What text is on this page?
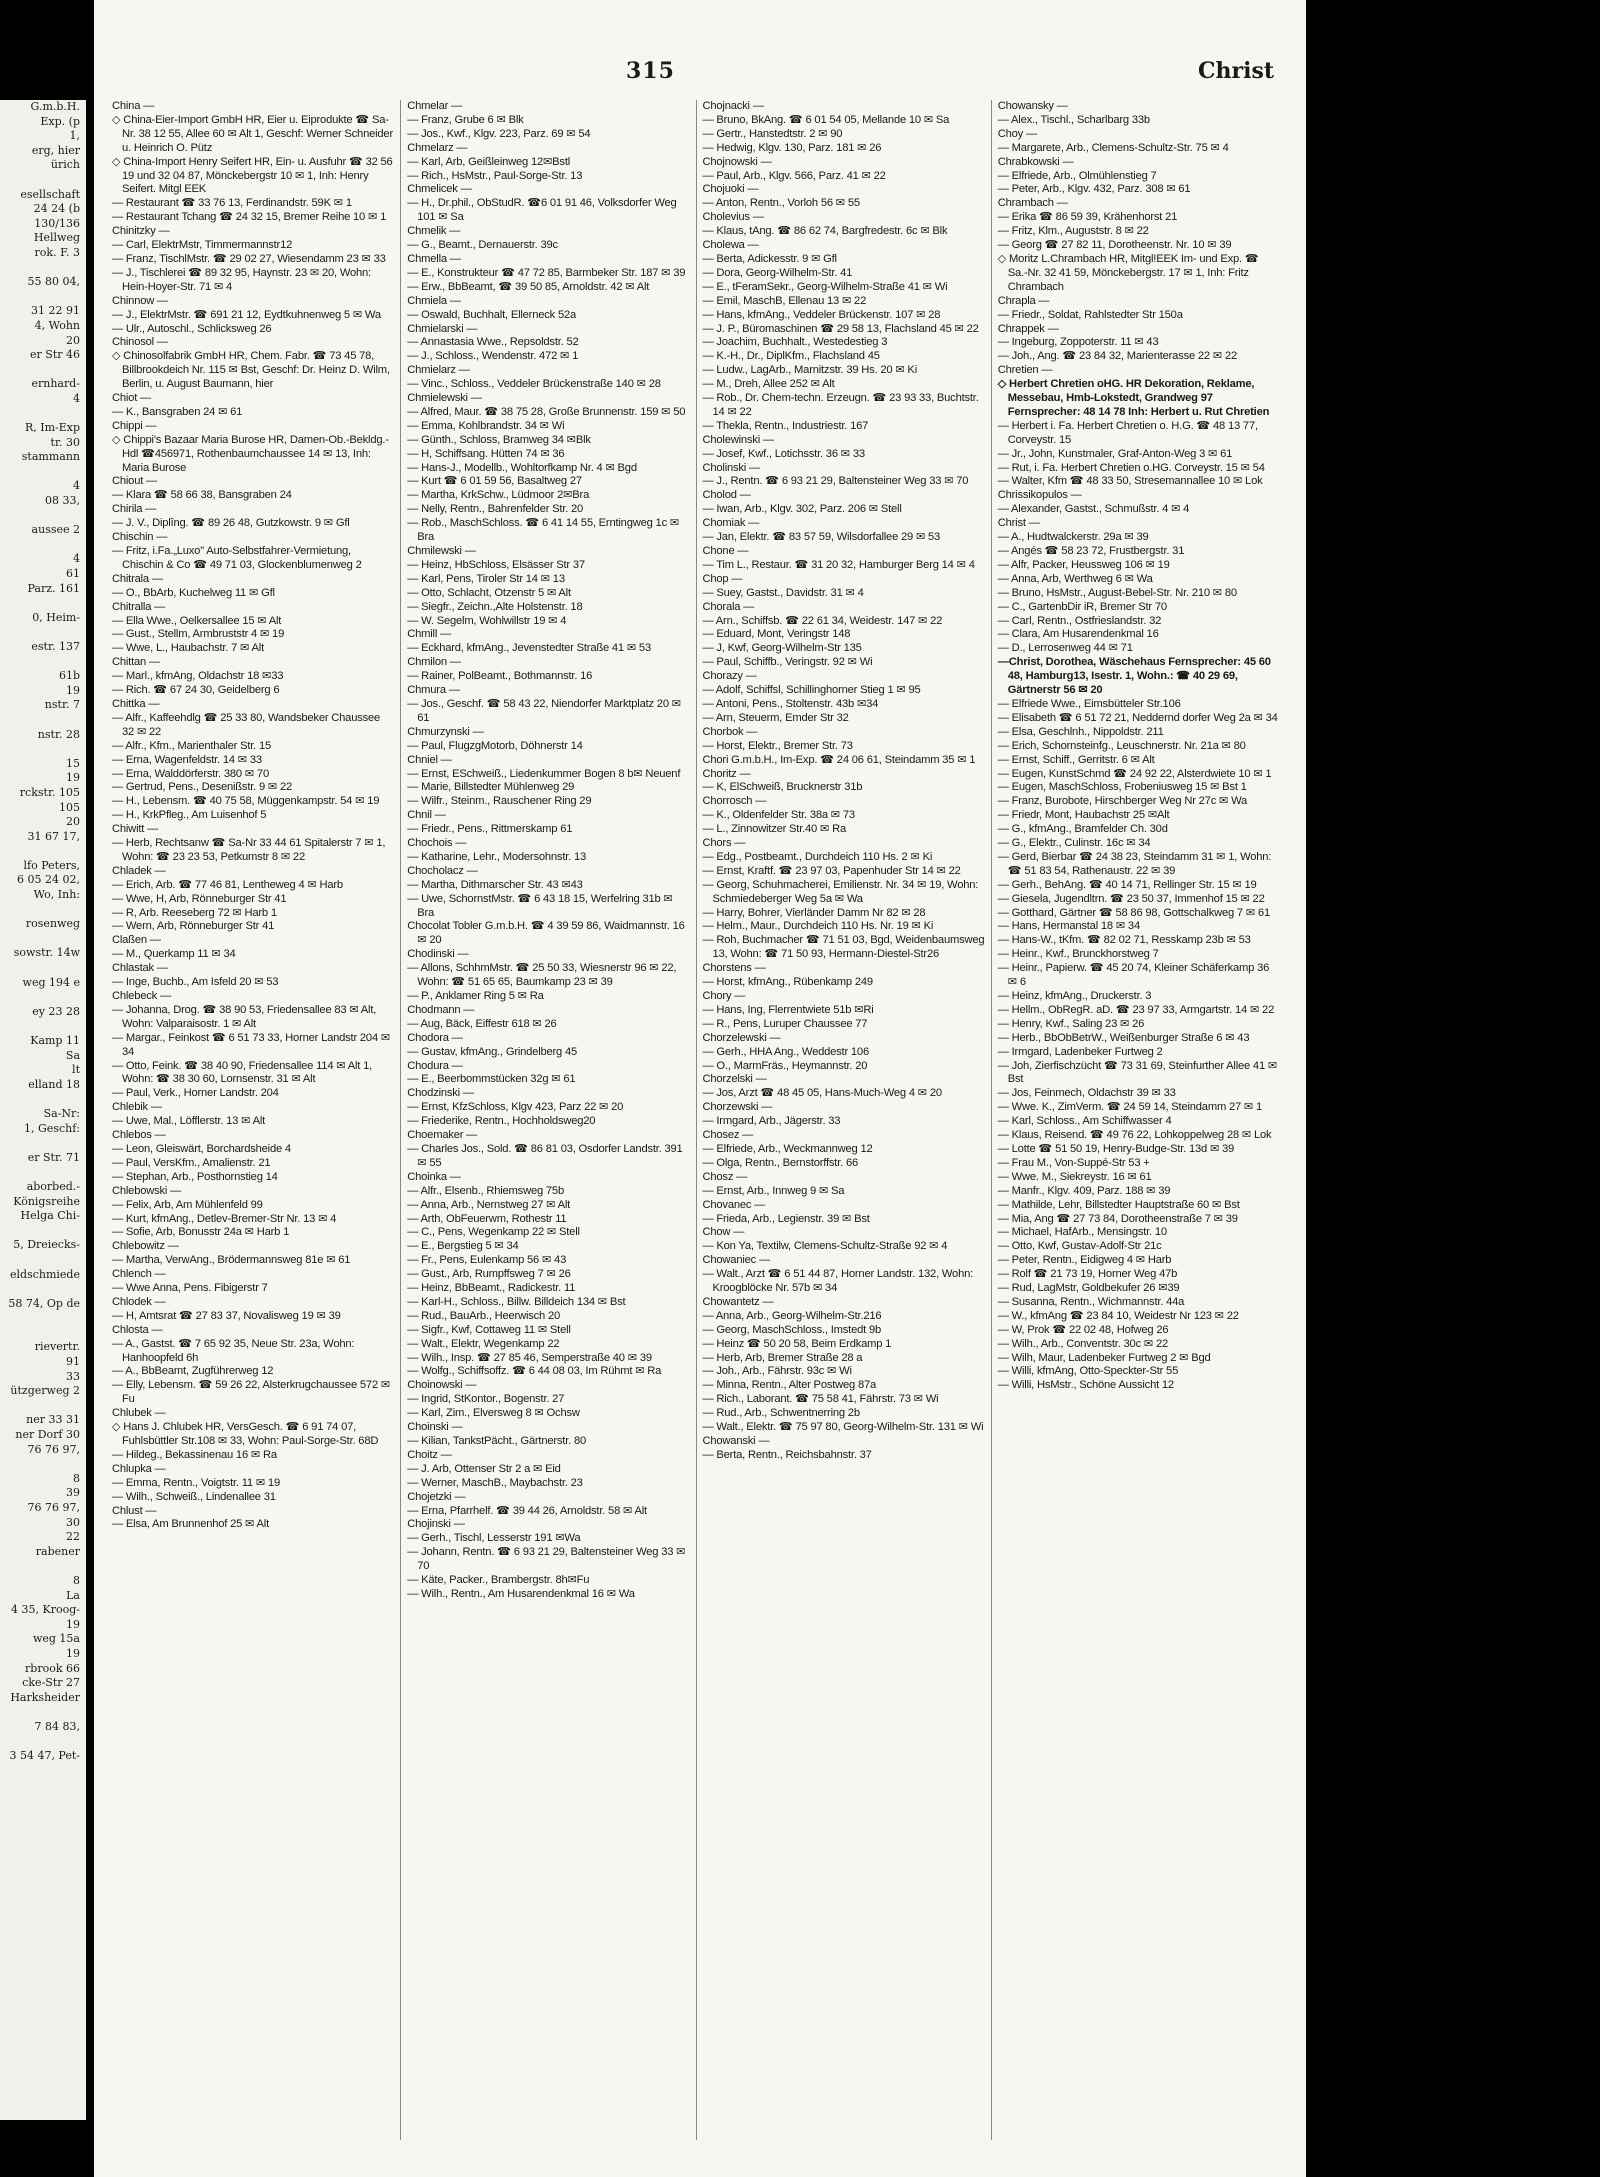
G.m.b.H.
Exp. (p
1,
erg, hier
ürich

esellschaft
24 24 (b
130/136
Hellweg
rok. F. 3

55 80 04,

31 22 91
4, Wohn
20
er Str 46

ernhard-
4

R, Im-Exp
tr. 30
stammann

4
08 33,

aussee 2

4
61
Parz. 161

0, Heim-

estr. 137

61b
19
nstr. 7

nstr. 28

15
19
rckstr. 105
105
20
31 67 17,

lfo Peters,
6 05 24 02,
Wo, Inh:

rosenweg

sowstr. 14w

weg 194 e

ey 23 28

Kamp 11
Sa
lt
elland 18

Sa-Nr:
1, Geschf:

er Str. 71

aborbed.-
Königsreihe
Helga Chi-

5, Dreiecks-

eldschmiede

58 74, Op de

rievertr.
91
33
ützgerweg 2

ner 33 31
ner Dorf 30
76 76 97,

8
39
76 76 97,
30
22
rabener

8
La
4 35, Kroog-
19
weg 15a
19
rbrook 66
cke-Str 27
Harksheider

7 84 83,

3 54 47, Pet-
315	Christ
China —
◇ China-Eier-Import GmbH HR, Eier u. Eiprodukte ☎ Sa-Nr. 38 12 55, Allee 60 ✉ Alt 1, Geschf: Werner Schneider u. Heinrich O. Pütz
◇ China-Import Henry Seifert HR, Ein- u. Ausfuhr ☎ 32 56 19 und 32 04 87, Mönckebergstr 10 ✉ 1, Inh: Henry Seifert. Mitgl EEK
— Restaurant ☎ 33 76 13, Ferdinandstr. 59K ✉ 1
— Restaurant Tchang ☎ 24 32 15, Bremer Reihe 10 ✉ 1
Chinitzky —
— Carl, ElektrMstr, Timmermannstr12
— Franz, TischlMstr. ☎ 29 02 27, Wiesendamm 23 ✉ 33
— J., Tischlerei ☎ 89 32 95, Haynstr. 23 ✉ 20, Wohn: Hein-Hoyer-Str. 71 ✉ 4
Chinnow —
— J., ElektrMstr. ☎ 691 21 12, Eydtkuhnenweg 5 ✉ Wa
— Ulr., Autoschl., Schlicksweg 26
Chinosol —
◇ Chinosolfabrik GmbH HR, Chem. Fabr. ☎ 73 45 78, Billbrookdeich Nr. 115 ✉ Bst, Geschf: Dr. Heinz D. Wilm, Berlin, u. August Baumann, hier
Chiot —
— K., Bansgraben 24 ✉ 61
Chippi —
◇ Chippi's Bazaar Maria Burose HR, Damen-Ob.-Bekldg.-Hdl ☎456971, Rothenbaumchaussee 14 ✉ 13, Inh: Maria Burose
Chiout —
— Klara ☎ 58 66 38, Bansgraben 24
Chirila —
— J. V., Diplîng. ☎ 89 26 48, Gutzkowstr. 9 ✉ Gfl
Chischin —
— Fritz, i.Fa.„Luxo" Auto-Selbstfahrer-Vermietung, Chischin & Co ☎ 49 71 03, Glockenblumenweg 2
Chitrala —
— O., BbArb, Kuchelweg 11 ✉ Gfl
Chitralla —
— Ella Wwe., Oelkersallee 15 ✉ Alt
— Gust., Stellm, Armbruststr 4 ✉ 19
— Wwe, L., Haubachstr. 7 ✉ Alt
Chittan —
— Marl., kfmAng, Oldachstr 18 ✉33
— Rich. ☎ 67 24 30, Geidelberg 6
Chittka —
— Alfr., Kaffeehdlg ☎ 25 33 80, Wandsbeker Chaussee 32 ✉ 22
— Alfr., Kfm., Marienthaler Str. 15
— Erna, Wagenfeldstr. 14 ✉ 33
— Erna, Walddörferstr. 380 ✉ 70
— Gertrud, Pens., Desenißstr. 9 ✉ 22
— H., Lebensm. ☎ 40 75 58, Müggenkampstr. 54 ✉ 19
— H., KrkPfleg., Am Luisenhof 5
Chiwitt —
— Herb, Rechtsanw ☎ Sa-Nr 33 44 61 Spitalerstr 7 ✉ 1, Wohn: ☎ 23 23 53, Petkumstr 8 ✉ 22
Chladek —
— Erich, Arb. ☎ 77 46 81, Lentheweg 4 ✉ Harb
— Wwe, H, Arb, Rönneburger Str 41
— R, Arb. Reeseberg 72 ✉ Harb 1
— Wern, Arb, Rönneburger Str 41
Claßen —
— M., Querkamp 11 ✉ 34
Chlastak —
— Inge, Buchb., Am Isfeld 20 ✉ 53
Chlebeck —
— Johanna, Drog. ☎ 38 90 53, Friedensallee 83 ✉ Alt, Wohn: Valparaisostr. 1 ✉ Alt
— Margar., Feinkost ☎ 6 51 73 33, Horner Landstr 204 ✉ 34
— Otto, Feink. ☎ 38 40 90, Friedensallee 114 ✉ Alt 1, Wohn: ☎ 38 30 60, Lornsenstr. 31 ✉ Alt
— Paul, Verk., Horner Landstr. 204
Chlebik —
— Uwe, Mal., Löfflerstr. 13 ✉ Alt
Chlebos —
— Leon, Gleiswärt, Borchardsheide 4
— Paul, VersKfm., Amalienstr. 21
— Stephan, Arb., Posthornstieg 14
Chlebowski —
— Felix, Arb, Am Mühlenfeld 99
— Kurt, kfmAng., Detlev-Bremer-Str Nr. 13 ✉ 4
— Sofie, Arb, Bonusstr 24a ✉ Harb 1
Chlebowitz —
— Martha, VerwAng., Brödermannsweg 81e ✉ 61
Chlench —
— Wwe Anna, Pens. Fibigerstr 7
Chlodek —
— H, Amtsrat ☎ 27 83 37, Novalisweg 19 ✉ 39
Chlosta —
— A., Gastst. ☎ 7 65 92 35, Neue Str. 23a, Wohn: Hanhoopfeld 6h
— A., BbBeamt, Zugführerweg 12
— Elly, Lebensm. ☎ 59 26 22, Alsterkrugchaussee 572 ✉ Fu
Chlubek —
◇ Hans J. Chlubek HR, VersGesch. ☎ 6 91 74 07, Fuhlsbüttler Str.108 ✉ 33, Wohn: Paul-Sorge-Str. 68D
— Hildeg., Bekassinenau 16 ✉ Ra
Chlupka —
— Emma, Rentn., Voigtstr. 11 ✉ 19
— Wilh., Schweiß., Lindenallee 31
Chlust —
— Elsa, Am Brunnenhof 25 ✉ Alt
Chmelar —
— Franz, Grube 6 ✉ Blk
— Jos., Kwf., Klgv. 223, Parz. 69 ✉ 54
Chmelarz —
— Karl, Arb, Geißleinweg 12✉Bstl
— Rich., HsMstr., Paul-Sorge-Str. 13
Chmelicek —
— H., Dr.phil., ObStudR. ☎6 01 91 46, Volksdorfer Weg 101 ✉ Sa
Chmelik —
— G., Beamt., Dernauerstr. 39c
Chmella —
— E., Konstrukteur ☎ 47 72 85, Barmbeker Str. 187 ✉ 39
— Erw., BbBeamt, ☎ 39 50 85, Arnoldstr. 42 ✉ Alt
Chmiela —
— Oswald, Buchhalt, Ellerneck 52a
Chmielarski —
— Annastasia Wwe., Repsoldstr. 52
— J., Schloss., Wendenstr. 472 ✉ 1
Chmielarz —
— Vinc., Schloss., Veddeler Brückenstraße 140 ✉ 28
Chmielewski —
— Alfred, Maur. ☎ 38 75 28, Große Brunnenstr. 159 ✉ 50
— Emma, Kohlbrandstr. 34 ✉ Wi
— Günth., Schloss, Bramweg 34 ✉Blk
— H, Schiffsang. Hütten 74 ✉ 36
— Hans-J., Modellb., Wohltorfkamp Nr. 4 ✉ Bgd
— Kurt ☎ 6 01 59 56, Basaltweg 27
— Martha, KrkSchw., Lüdmoor 2✉Bra
— Nelly, Rentn., Bahrenfelder Str. 20
— Rob., MaschSchloss. ☎ 6 41 14 55, Erntingweg 1c ✉ Bra
Chmilewski —
— Heinz, HbSchloss, Elsässer Str 37
— Karl, Pens, Tiroler Str 14 ✉ 13
— Otto, Schlacht, Otzenstr 5 ✉ Alt
— Siegfr., Zeichn.,Alte Holstenstr. 18
— W. Segelm, Wohlwillstr 19 ✉ 4
Chmill —
— Eckhard, kfmAng., Jevenstedter Straße 41 ✉ 53
Chmilon —
— Rainer, PolBeamt., Bothmannstr. 16
Chmura —
— Jos., Geschf. ☎ 58 43 22, Niendorfer Marktplatz 20 ✉ 61
Chmurzynski —
— Paul, FlugzgMotorb, Döhnerstr 14
Chniel —
— Ernst, ESchweiß., Liedenkummer Bogen 8 b✉ Neuenf
— Marie, Billstedter Mühlenweg 29
— Wilfr., Steinm., Rauschener Ring 29
Chnil —
— Friedr., Pens., Rittmerskamp 61
Chochois —
— Katharine, Lehr., Modersohnstr. 13
Chocholacz —
— Martha, Dithmarscher Str. 43 ✉43
— Uwe, SchornstMstr. ☎ 6 43 18 15, Werfelring 31b ✉ Bra
Chocolat Tobler G.m.b.H. ☎ 4 39 59 86, Waidmannstr. 16 ✉ 20
Chodinski —
— Allons, SchhmMstr. ☎ 25 50 33, Wiesnerstr 96 ✉ 22, Wohn: ☎ 51 65 65, Baumkamp 23 ✉ 39
— P., Anklamer Ring 5 ✉ Ra
Chodmann —
— Aug, Bäck, Eiffestr 618 ✉ 26
Chodora —
— Gustav, kfmAng., Grindelberg 45
Chodura —
— E., Beerbommstücken 32g ✉ 61
Chodzinski —
— Ernst, KfzSchloss, Klgv 423, Parz 22 ✉ 20
— Friederike, Rentn., Hochholdsweg20
Choemaker —
— Charles Jos., Sold. ☎ 86 81 03, Osdorfer Landstr. 391 ✉ 55
Choinka —
— Alfr., Elsenb., Rhiemsweg 75b
— Anna, Arb., Nernstweg 27 ✉ Alt
— Arth, ObFeuerwm, Rothestr 11
— C., Pens, Wegenkamp 22 ✉ Stell
— E., Bergstieg 5 ✉ 34
— Fr., Pens, Eulenkamp 56 ✉ 43
— Gust., Arb, Rumpffsweg 7 ✉ 26
— Heinz, BbBeamt., Radickestr. 11
— Karl-H., Schloss., Billw. Billdeich 134 ✉ Bst
— Rud., BauArb., Heerwisch 20
— Sigfr., Kwf, Cottaweg 11 ✉ Stell
— Walt., Elektr, Wegenkamp 22
— Wilh., Insp. ☎ 27 85 46, Semperstraße 40 ✉ 39
— Wolfg., Schiffsoffz. ☎ 6 44 08 03, Im Rühmt ✉ Ra
Choinowski —
— Ingrid, StKontor., Bogenstr. 27
— Karl, Zim., Elversweg 8 ✉ Ochsw
Choinski —
— Kilian, TankstPächt., Gärtnerstr. 80
Choitz —
— J. Arb, Ottenser Str 2 a ✉ Eid
— Werner, MaschB., Maybachstr. 23
Chojetzki —
— Erna, Pfarrhelf. ☎ 39 44 26, Arnoldstr. 58 ✉ Alt
Chojinski —
— Gerh., Tischl, Lesserstr 191 ✉Wa
— Johann, Rentn. ☎ 6 93 21 29, Baltensteiner Weg 33 ✉ 70
— Käte, Packer., Brambergstr. 8h✉Fu
— Wilh., Rentn., Am Husarendenkmal 16 ✉ Wa
Chojnacki —
— Bruno, BkAng. ☎ 6 01 54 05, Mellande 10 ✉ Sa
— Gertr., Hanstedtstr. 2 ✉ 90
— Hedwig, Klgv. 130, Parz. 181 ✉ 26
Chojnowski —
— Paul, Arb., Klgv. 566, Parz. 41 ✉ 22
Chojuoki —
— Anton, Rentn., Vorloh 56 ✉ 55
Cholevius —
— Klaus, tAng. ☎ 86 62 74, Bargfredestr. 6c ✉ Blk
Cholewa —
— Berta, Adickesstr. 9 ✉ Gfl
— Dora, Georg-Wilhelm-Str. 41
— E., tFeramSekr., Georg-Wilhelm-Straße 41 ✉ Wi
— Emil, MaschB, Ellenau 13 ✉ 22
— Hans, kfmAng., Veddeler Brückenstr. 107 ✉ 28
— J. P., Büromaschinen ☎ 29 58 13, Flachsland 45 ✉ 22
— Joachim, Buchhalt., Westedestieg 3
— K.-H., Dr., DiplKfm., Flachsland 45
— Ludw., LagArb., Marnitzstr. 39 Hs. 20 ✉ Ki
— M., Dreh, Allee 252 ✉ Alt
— Rob., Dr. Chem-techn. Erzeugn. ☎ 23 93 33, Buchtstr. 14 ✉ 22
— Thekla, Rentn., Industriestr. 167
Cholewinski —
— Josef, Kwf., Lotichsstr. 36 ✉ 33
Cholinski —
— J., Rentn. ☎ 6 93 21 29, Baltensteiner Weg 33 ✉ 70
Cholod —
— Iwan, Arb., Klgv. 302, Parz. 206 ✉ Stell
Chomiak —
— Jan, Elektr. ☎ 83 57 59, Wilsdorfallee 29 ✉ 53
Chone —
— Tim L., Restaur. ☎ 31 20 32, Hamburger Berg 14 ✉ 4
Chop —
— Suey, Gastst., Davidstr. 31 ✉ 4
Chorala —
— Arn., Schiffsb. ☎ 22 61 34, Weidestr. 147 ✉ 22
— Eduard, Mont, Veringstr 148
— J, Kwf, Georg-Wilhelm-Str 135
— Paul, Schiffb., Veringstr. 92 ✉ Wi
Chorazy —
— Adolf, Schiffsl, Schillinghorner Stieg 1 ✉ 95
— Antoni, Pens., Stoltenstr. 43b ✉34
— Arn, Steuerm, Emder Str 32
Chorbok —
— Horst, Elektr., Bremer Str. 73
Chori G.m.b.H., Im-Exp. ☎ 24 06 61, Steindamm 35 ✉ 1
Choritz —
— K, ElSchweiß, Brucknerstr 31b
Chorrosch —
— K., Oldenfelder Str. 38a ✉ 73
— L., Zinnowitzer Str.40 ✉ Ra
Chors —
— Edg., Postbeamt., Durchdeich 110 Hs. 2 ✉ Ki
— Ernst, Kraftf. ☎ 23 97 03, Papenhuder Str 14 ✉ 22
— Georg, Schuhmacherei, Emilienstr. Nr. 34 ✉ 19, Wohn: Schmiedeberger Weg 5a ✉ Wa
— Harry, Bohrer, Vierländer Damm Nr 82 ✉ 28
— Helm., Maur., Durchdeich 110 Hs. Nr. 19 ✉ Ki
— Roh, Buchmacher ☎ 71 51 03, Bgd, Weidenbaumsweg 13, Wohn: ☎ 71 50 93, Hermann-Diestel-Str26
Chorstens —
— Horst, kfmAng., Rübenkamp 249
Chory —
— Hans, Ing, Flerrentwiete 51b ✉Ri
— R., Pens, Luruper Chaussee 77
Chorzelewski —
— Gerh., HHA Ang., Weddestr 106
— O., MarmFräs., Heymannstr. 20
Chorzelski —
— Jos, Arzt ☎ 48 45 05, Hans-Much-Weg 4 ✉ 20
Chorzewski —
— Irmgard, Arb., Jägerstr. 33
Chosez —
— Elfriede, Arb., Weckmannweg 12
— Olga, Rentn., Bernstorffstr. 66
Chosz —
— Ernst, Arb., Innweg 9 ✉ Sa
Chovanec —
— Frieda, Arb., Legienstr. 39 ✉ Bst
Chow —
— Kon Ya, Textilw, Clemens-Schultz-Straße 92 ✉ 4
Chowaniec —
— Walt., Arzt ☎ 6 51 44 87, Horner Landstr. 132, Wohn: Kroogblöcke Nr. 57b ✉ 34
Chowantetz —
— Anna, Arb., Georg-Wilhelm-Str.216
— Georg, MaschSchloss., Imstedt 9b
— Heinz ☎ 50 20 58, Beim Erdkamp 1
— Herb, Arb, Bremer Straße 28 a
— Joh., Arb., Fährstr. 93c ✉ Wi
— Minna, Rentn., Alter Postweg 87a
— Rich., Laborant. ☎ 75 58 41, Fährstr. 73 ✉ Wi
— Rud., Arb., Schwentnerring 2b
— Walt., Elektr. ☎ 75 97 80, Georg-Wilhelm-Str. 131 ✉ Wi
Chowanski —
— Berta, Rentn., Reichsbahnstr. 37
Chowansky —
— Alex., Tischl., Scharlbarg 33b
Choy —
— Margarete, Arb., Clemens-Schultz-Str. 75 ✉ 4
Chrabkowski —
— Elfriede, Arb., Olmühlenstieg 7
— Peter, Arb., Klgv. 432, Parz. 308 ✉ 61
Chrambach —
— Erika ☎ 86 59 39, Krähenhorst 21
— Fritz, Klm., Auguststr. 8 ✉ 22
— Georg ☎ 27 82 11, Dorotheenstr. Nr. 10 ✉ 39
◇ Moritz L.Chrambach HR, Mitgl!EEK Im- und Exp. ☎ Sa.-Nr. 32 41 59, Mönckebergstr. 17 ✉ 1, Inh: Fritz Chrambach
Chrapla —
— Friedr., Soldat, Rahlstedter Str 150a
Chrappek —
— Ingeburg, Zoppoterstr. 11 ✉ 43
— Joh., Ang. ☎ 23 84 32, Marienterasse 22 ✉ 22
Chretien —
◇ Herbert Chretien oHG. HR Dekoration, Reklame, Messebau, Hmb-Lokstedt, Grandweg 97 Fernsprecher: 48 14 78 Inh: Herbert u. Rut Chretien
— Herbert i. Fa. Herbert Chretien o. H.G. ☎ 48 13 77, Corveystr. 15
— Jr., John, Kunstmaler, Graf-Anton-Weg 3 ✉ 61
— Rut, i. Fa. Herbert Chretien o.HG. Corveystr. 15 ✉ 54
— Walter, Kfm ☎ 48 33 50, Stresemannallee 10 ✉ Lok
Chrissikopulos —
— Alexander, Gastst., Schmußstr. 4 ✉ 4
Christ —
— A., Hudtwalckerstr. 29a ✉ 39
— Angés ☎ 58 23 72, Frustbergstr. 31
— Alfr, Packer, Heussweg 106 ✉ 19
— Anna, Arb, Werthweg 6 ✉ Wa
— Bruno, HsMstr., August-Bebel-Str. Nr. 210 ✉ 80
— C., GartenbDir iR, Bremer Str 70
— Carl, Rentn., Ostfrieslandstr. 32
— Clara, Am Husarendenkmal 16
— D., Lerrosenweg 44 ✉ 71
—Christ, Dorothea, Wäschehaus Fernsprecher: 45 60 48, Hamburg13, Isestr. 1, Wohn.: ☎ 40 29 69, Gärtnerstr 56 ✉ 20
— Elfriede Wwe., Eimsbütteler Str.106
— Elisabeth ☎ 6 51 72 21, Neddernd dorfer Weg 2a ✉ 34
— Elsa, Geschlnh., Nippoldstr. 211
— Erich, Schornsteinfg., Leuschnerstr. Nr. 21a ✉ 80
— Ernst, Schiff., Gerritstr. 6 ✉ Alt
— Eugen, KunstSchmd ☎ 24 92 22, Alsterdwiete 10 ✉ 1
— Eugen, MaschSchloss, Frobeniusweg 15 ✉ Bst 1
— Franz, Burobote, Hirschberger Weg Nr 27c ✉ Wa
— Friedr, Mont, Haubachstr 25 ✉Alt
— G., kfmAng., Bramfelder Ch. 30d
— G., Elektr., Culinstr. 16c ✉ 34
— Gerd, Bierbar ☎ 24 38 23, Steindamm 31 ✉ 1, Wohn: ☎ 51 83 54, Rathenaustr. 22 ✉ 39
— Gerh., BehAng. ☎ 40 14 71, Rellinger Str. 15 ✉ 19
— Giesela, Jugendltrn. ☎ 23 50 37, Immenhof 15 ✉ 22
— Gotthard, Gärtner ☎ 58 86 98, Gottschalkweg 7 ✉ 61
— Hans, Hermanstal 18 ✉ 34
— Hans-W., tKfm. ☎ 82 02 71, Resskamp 23b ✉ 53
— Heinr., Kwf., Brunckhorstweg 7
— Heinr., Papierw. ☎ 45 20 74, Kleiner Schäferkamp 36 ✉ 6
— Heinz, kfmAng., Druckerstr. 3
— Hellm., ObRegR. aD. ☎ 23 97 33, Armgartstr. 14 ✉ 22
— Henry, Kwf., Saling 23 ✉ 26
— Herb., BbObBetrW., Weißenburger Straße 6 ✉ 43
— Irmgard, Ladenbeker Furtweg 2
— Joh, Zierfischzücht ☎ 73 31 69, Steinfurther Allee 41 ✉ Bst
— Jos, Feinmech, Oldachstr 39 ✉ 33
— Wwe. K., ZimVerm. ☎ 24 59 14, Steindamm 27 ✉ 1
— Karl, Schloss., Am Schiffwasser 4
— Klaus, Reisend. ☎ 49 76 22, Lohkoppelweg 28 ✉ Lok
— Lotte ☎ 51 50 19, Henry-Budge-Str. 13d ✉ 39
— Frau M., Von-Suppé-Str 53 +
— Wwe. M., Siekreystr. 16 ✉ 61
— Manfr., Klgv. 409, Parz. 188 ✉ 39
— Mathilde, Lehr, Billstedter Hauptstraße 60 ✉ Bst
— Mia, Ang ☎ 27 73 84, Dorotheenstraße 7 ✉ 39
— Michael, HafArb., Mensingstr. 10
— Otto, Kwf, Gustav-Adolf-Str 21c
— Peter, Rentn., Eidigweg 4 ✉ Harb
— Rolf ☎ 21 73 19, Horner Weg 47b
— Rud, LagMstr, Goldbekufer 26 ✉39
— Susanna, Rentn., Wichmannstr. 44a
— W., kfmAng ☎ 23 84 10, Weidestr Nr 123 ✉ 22
— W, Prok ☎ 22 02 48, Hofweg 26
— Wilh., Arb., Conventstr. 30c ✉ 22
— Wilh, Maur, Ladenbeker Furtweg 2 ✉ Bgd
— Willi, kfmAng, Otto-Speckter-Str 55
— Willi, HsMstr., Schöne Aussicht 12
